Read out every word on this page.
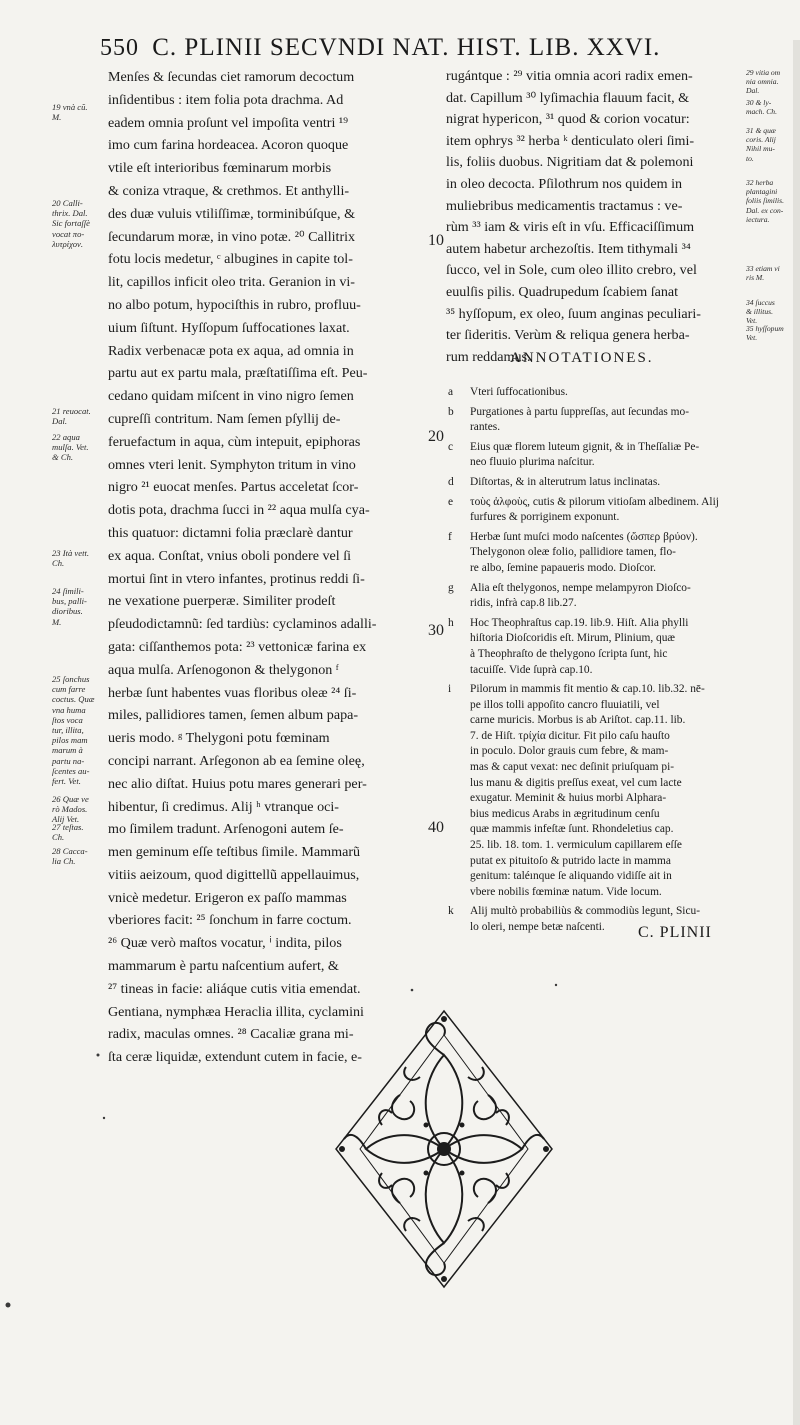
550 C. PLINII SECVNDI NAT. HIST. LIB. XXVI.
Menſes & ſecundas ciet ramorum decoctum
inſidentibus : item folia pota drachma. Ad
eadem omnia proſunt vel impoſita ventri ¹⁹
imo cum farina hordeacea. Acoron quoque
vtile eſt interioribus fœminarum morbis
& coniza vtraque, & crethmos. Et anthylli-
des duæ vuluis vtiliſſimæ, torminibúſque, &
ſecundarum moræ, in vino potæ. ²⁰ Callitrix
fotu locis medetur, ᶜ albugines in capite tol-
lit, capillos inficit oleo trita. Geranion in vi-
no albo potum, hypociſthis in rubro, profluu-
uium ſiſtunt. Hyſſopum ſuffocationes laxat.
Radix verbenacæ pota ex aqua, ad omnia in
partu aut ex partu mala, præſtatiſſima eſt. Peu-
cedano quidam miſcent in vino nigro ſemen
cupreſſi contritum. Nam ſemen pſyllij de-
feruefactum in aqua, cùm intepuit, epiphoras
omnes vteri lenit. Symphyton tritum in vino
nigro ²¹ euocat menſes. Partus acceletat ſcor-
dotis pota, drachma ſucci in ²² aqua mulſa cya-
this quatuor: dictamni folia præclarè dantur
ex aqua. Conſtat, vnius oboli pondere vel ſi
mortui ſint in vtero infantes, protinus reddi ſi-
ne vexatione puerperæ. Similiter prodeſt
pſeudodictamnũ: ſed tardiùs: cyclaminos adalli-
gata: ciſſanthemos pota: ²³ vettonicæ farina ex
aqua mulſa. Arſenogonon & thelygonon ᶠ
herbæ ſunt habentes vuas floribus oleæ ²⁴ ſi-
miles, pallidiores tamen, ſemen album papa-
ueris modo. ᵍ Thelygoni potu fœminam
concipi narrant. Arſegonon ab ea ſemine oleę,
nec alio diſtat. Huius potu mares generari per-
hibentur, ſi credimus. Alij ʰ vtranque oci-
mo ſimilem tradunt. Arſenogoni autem ſe-
men geminum eſſe teſtibus ſimile. Mammarũ
vitiis aeizoum, quod digittellũ appellauimus,
vnicè medetur. Erigeron ex paſſo mammas
vberiores facit: ²⁵ ſonchum in farre coctum.
²⁶ Quæ verò maſtos vocatur, ⁱ indita, pilos
mammarum è partu naſcentium aufert, &
²⁷ tineas in facie: aliáque cutis vitia emendat.
Gentiana, nymphæa Heraclia illita, cyclamini
radix, maculas omnes. ²⁸ Cacaliæ grana mi-
ſta ceræ liquidæ, extendunt cutem in facie, e-
rugántque : ²⁹ vitia omnia acori radix emen-
dat. Capillum ³⁰ lyſimachia flauum facit, &
nigrat hypericon, ³¹ quod & corion vocatur:
item ophrys ³² herba ᵏ denticulato oleri ſimi-
lis, foliis duobus. Nigritiam dat & polemoni
in oleo decocta. Pſilothrum nos quidem in
muliebribus medicamentis tractamus : ve-
rùm ³³ iam & viris eſt in vſu. Efficaciſſimum
autem habetur archezoſtis. Item tithymali ³⁴
ſucco, vel in Sole, cum oleo illito crebro, vel
euulſis pilis. Quadrupedum ſcabiem ſanat
³⁵ hyſſopum, ex oleo, ſuum anginas peculiari-
ter ſideritis. Verùm & reliqua genera herba-
rum reddamus.
19 vnà cũ.
M.
20 Calli-
thrix. Dal.
Sic fortaſſè
vocat πο-
λυτρίχον.
21 reuocat.
Dal.
22 aqua
mulſa. Vet.
& Ch.
23 Ità vett.
Ch.
24 ſimili-
bus, palli-
dioribus.
M.
25 ſonchus
cum farre
coctus. Quæ
vna huma
ſtos voca
tur, illita,
pilos mam
marum à
partu na-
ſcentes au-
fert. Vet.
26 Quæ ve
rò Mados.
Alij Vet.
27 teſtas.
Ch.
28 Cacca-
lia Ch.
29 vitia om
nia omnia.
Dal.
30 & ly-
mach. Ch.
31 & quæ
coris. Alij
Nihil mu-
to.
32 herba
plantagini
foliis ſimilis.
Dal. ex con-
iectura.
33 etiam vi
ris M.
34 ſuccus
& illitus.
Vet.
35 hyſſopum
Vet.
10
20
30
40
ANNOTATIONES.
a Vteri ſuffocationibus.
b Purgationes à partu ſuppreſſas, aut ſecundas mo-
rantes.
c Eius quæ florem luteum gignit, & in Theſſaliæ Pe-
neo fluuio plurima naſcitur.
d Diſtortas, & in alterutrum latus inclinatas.
e τοὺς ἀλφοὺς, cutis & pilorum vitioſam albedinem. Alij
furfures & porriginem exponunt.
f Herbæ ſunt muſci modo naſcentes (ὥσπερ βρύον).
Thelygonon oleæ folio, pallidiore tamen, flo-
re albo, ſemine papaueris modo. Dioſcor.
g Alia eſt thelygonos, nempe melampyron Dioſco-
ridis, infrà cap.8 lib.27.
h Hoc Theophraſtus cap.19. lib.9. Hiſt. Alia phylli
hiſtoria Dioſcoridis eſt. Mirum, Plinium, quæ
à Theophraſto de thelygono ſcripta ſunt, hic
tacuiſſe. Vide ſuprà cap.10.
i Pilorum in mammis fit mentio & cap.10. lib.32. nē-
pe illos tolli appoſito cancro fluuiatili, vel
carne muricis. Morbus is ab Ariſtot. cap.11. lib.
7. de Hiſt. τρίχία dicitur. Fit pilo caſu hauſto
in poculo. Dolor grauis cum febre, & mam-
mas & caput vexat: nec deſinit priuſquam pi-
lus manu & digitis preſſus exeat, vel cum lacte
exugatur. Meminit & huius morbi Alphara-
bius medicus Arabs in ægritudinum cenſu
quæ mammis infeſtæ ſunt. Rhondeletius cap.
25. lib. 18. tom. 1. vermiculum capillarem eſſe
putat ex pituitoſo & putrido lacte in mamma
genitum: taléınque ſe aliquando vidiſſe ait in
vbere nobilis fœminæ natum. Vide locum.
k Alij multò probabiliùs & commodiùs legunt, Sicu-
lo oleri, nempe betæ naſcenti.	C. PLINII
